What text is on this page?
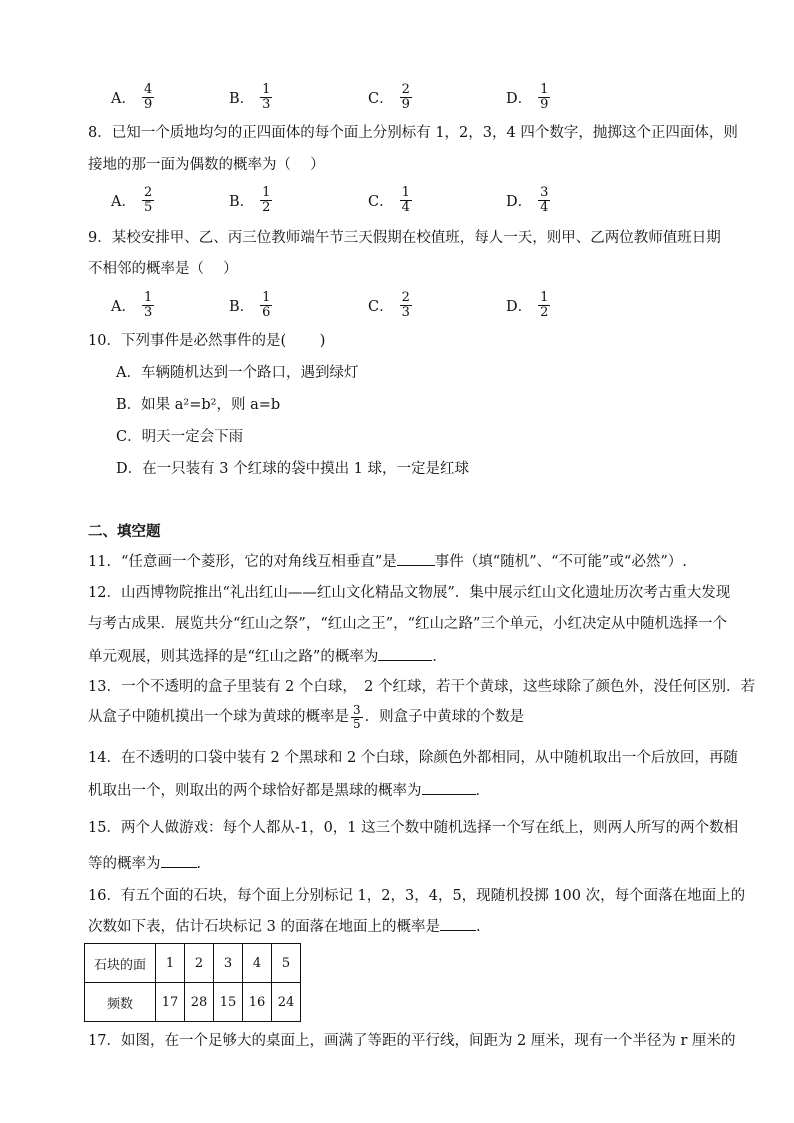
A． $\frac{4}{9}$	B． $\frac{1}{3}$	C． $\frac{2}{9}$	D． $\frac{1}{9}$
8．已知一个质地均匀的正四面体的每个面上分别标有 1，2，3，4 四个数字，抛掷这个正四面体，则
接地的那一面为偶数的概率为（　 ）
A． $\frac{2}{5}$	B． $\frac{1}{2}$	C． $\frac{1}{4}$	D． $\frac{3}{4}$
9．某校安排甲、乙、丙三位教师端午节三天假期在校值班，每人一天，则甲、乙两位教师值班日期
不相邻的概率是（　 ）
A． $\frac{1}{3}$	B． $\frac{1}{6}$	C． $\frac{2}{3}$	D． $\frac{1}{2}$
10．下列事件是必然事件的是(　　 )
A．车辆随机达到一个路口，遇到绿灯
B．如果 a²=b²，则 a=b
C．明天一定会下雨
D．在一只装有 3 个红球的袋中摸出 1 球，一定是红球
二、填空题
11．“任意画一个菱形，它的对角线互相垂直”是	事件（填“随机”、“不可能”或“必然”）.
12．山西博物院推出“礼出红山——红山文化精品文物展”．集中展示红山文化遗址历次考古重大发现
与考古成果．展览共分“红山之祭”，“红山之王”，“红山之路”三个单元，小红决定从中随机选择一个
单元观展，则其选择的是“红山之路”的概率为	．
13．一个不透明的盒子里装有 2 个白球，　2 个红球，若干个黄球，这些球除了颜色外，没任何区别．若
从盒子中随机摸出一个球为黄球的概率是 $\frac{3}{5}$ ．则盒子中黄球的个数是
14．在不透明的口袋中装有 2 个黑球和 2 个白球，除颜色外都相同，从中随机取出一个后放回，再随
机取出一个，则取出的两个球恰好都是黑球的概率为	．
15．两个人做游戏：每个人都从-1，0，1 这三个数中随机选择一个写在纸上，则两人所写的两个数相
等的概率为 ．
16．有五个面的石块，每个面上分别标记 1，2，3，4，5，现随机投掷 100 次，每个面落在地面上的
次数如下表，估计石块标记 3 的面落在地面上的概率是 .
石块的面	1	2	3	4	5
频数	17	28	15	16	24
17．如图，在一个足够大的桌面上，画满了等距的平行线，间距为 2 厘米，现有一个半径为 r 厘米的
